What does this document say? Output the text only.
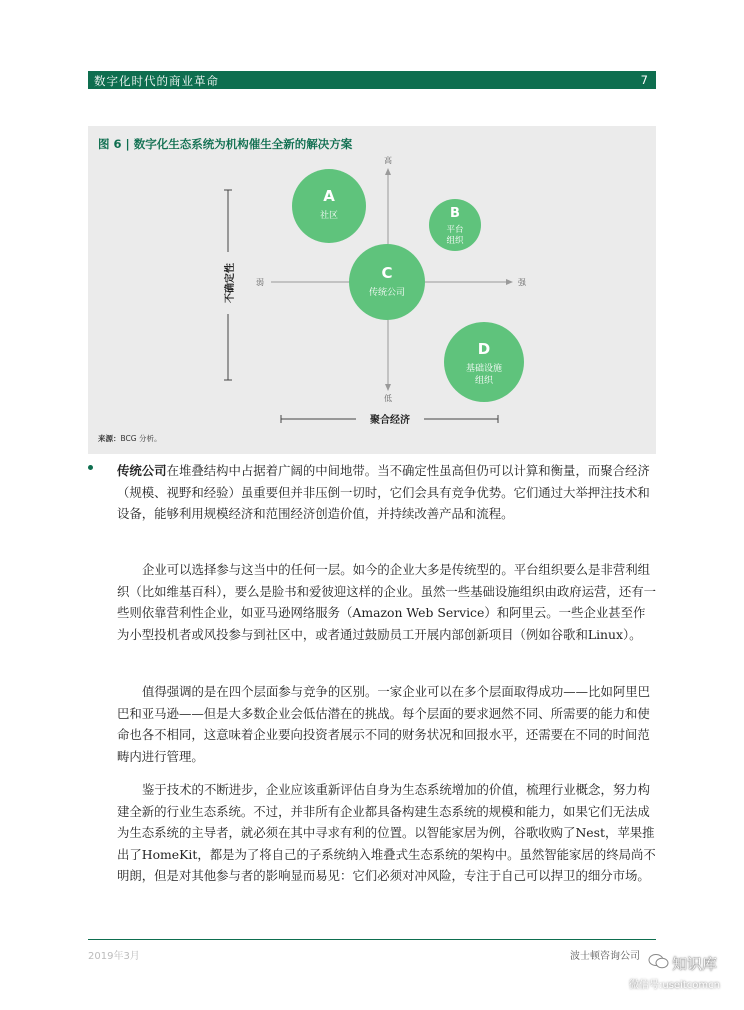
数字化时代的商业革命	7
图 6 | 数字化生态系统为机构催生全新的解决方案
高
低
弱	强
不确定性
聚合经济
A
社区	B
平台
组织
C
传统公司
D
基础设施
组织
来源：BCG 分析。
传统公司在堆叠结构中占据着广阔的中间地带。当不确定性虽高但仍可以计算和衡量，而聚合经济（规模、视野和经验）虽重要但并非压倒一切时，它们会具有竞争优势。它们通过大举押注技术和设备，能够利用规模经济和范围经济创造价值，并持续改善产品和流程。
企业可以选择参与这当中的任何一层。如今的企业大多是传统型的。平台组织要么是非营利组织（比如维基百科），要么是脸书和爱彼迎这样的企业。虽然一些基础设施组织由政府运营，还有一些则依靠营利性企业，如亚马逊网络服务（Amazon Web Service）和阿里云。一些企业甚至作为小型投机者或风投参与到社区中，或者通过鼓励员工开展内部创新项目（例如谷歌和Linux）。
值得强调的是在四个层面参与竞争的区别。一家企业可以在多个层面取得成功——比如阿里巴巴和亚马逊——但是大多数企业会低估潜在的挑战。每个层面的要求迥然不同、所需要的能力和使命也各不相同，这意味着企业要向投资者展示不同的财务状况和回报水平，还需要在不同的时间范畴内进行管理。
鉴于技术的不断进步，企业应该重新评估自身为生态系统增加的价值，梳理行业概念，努力构建全新的行业生态系统。不过，并非所有企业都具备构建生态系统的规模和能力，如果它们无法成为生态系统的主导者，就必须在其中寻求有利的位置。以智能家居为例，谷歌收购了Nest，苹果推出了HomeKit，都是为了将自己的子系统纳入堆叠式生态系统的架构中。虽然智能家居的终局尚不明朗，但是对其他参与者的影响显而易见：它们必须对冲风险，专注于自己可以捍卫的细分市场。
2019年3月	波士顿咨询公司 知识库
微信号:useitcomcn
